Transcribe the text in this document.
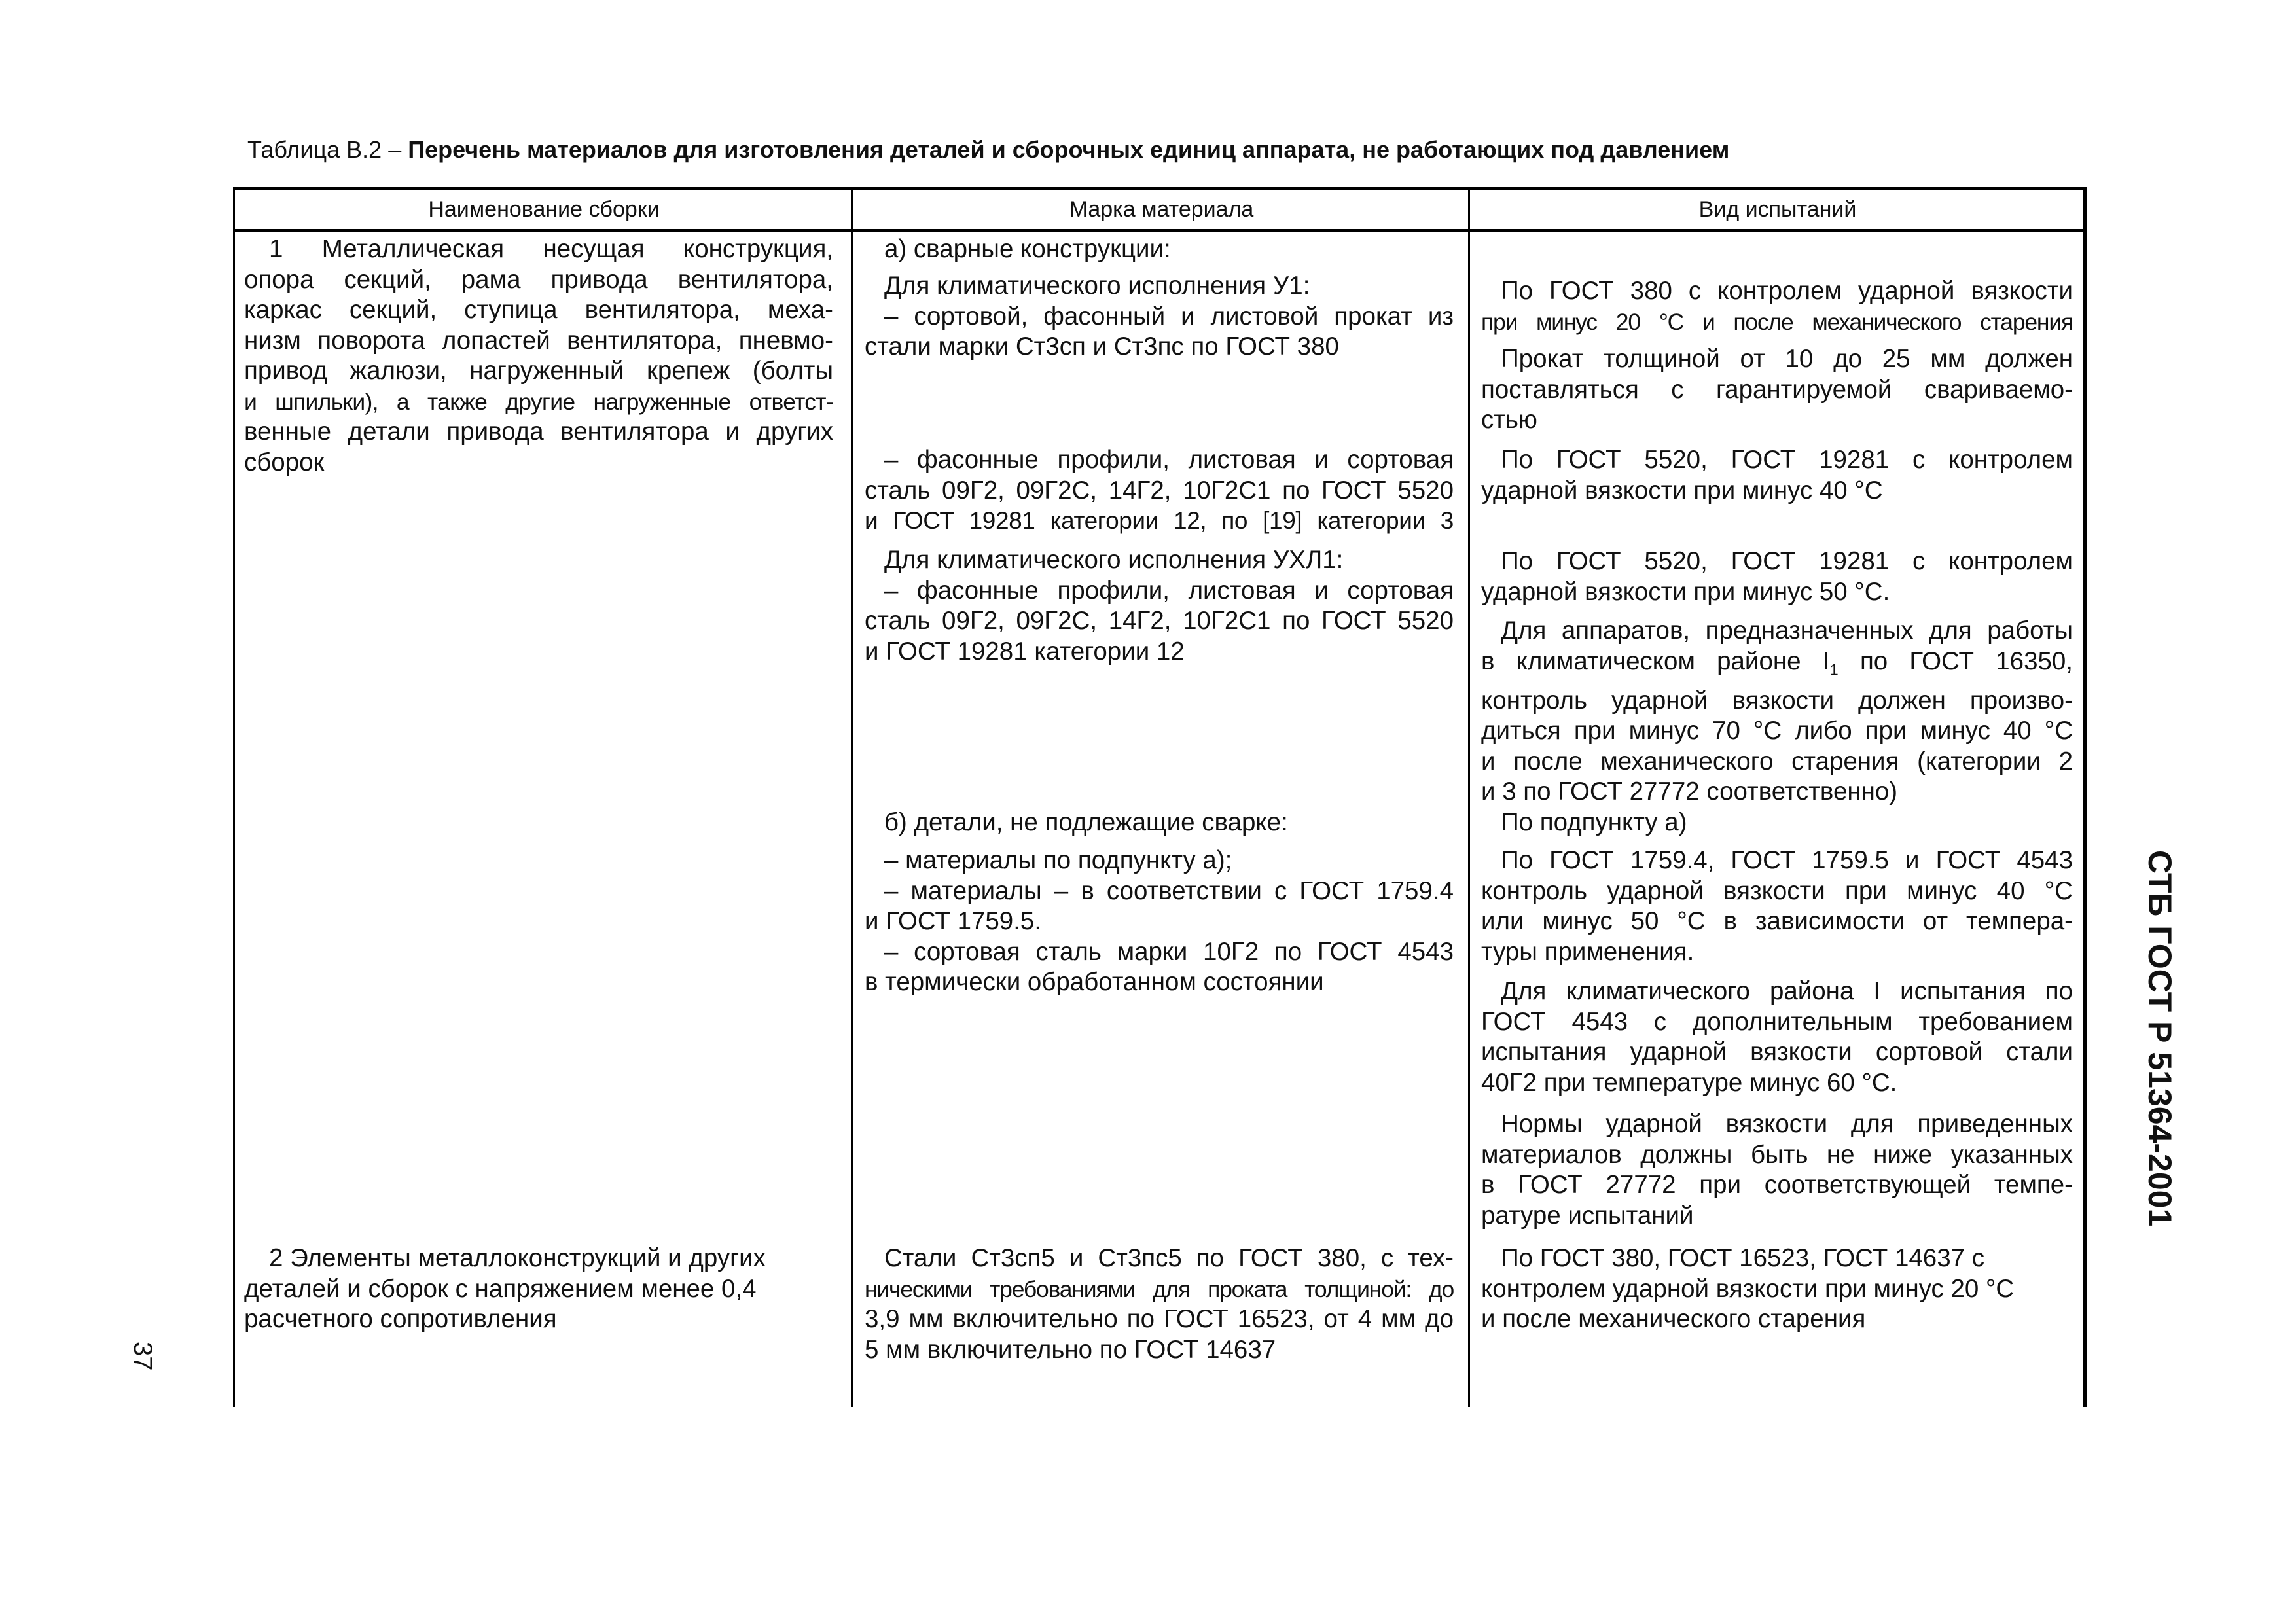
Таблица В.2 – Перечень материалов для изготовления деталей и сборочных единиц аппарата, не работающих под давлением
Наименование сборки	Марка материала	Вид испытаний

1 Металлическая несущая конструкция,

опора секций, рама привода вентилятора,

каркас секций, ступица вентилятора, меха-

низм поворота лопастей вентилятора, пневмо-

привод жалюзи, нагруженный крепеж (болты

и шпильки), а также другие нагруженные ответст-

венные детали привода вентилятора и других

сборок

2 Элементы металлоконструкций и других

деталей и сборок с напряжением менее 0,4

расчетного сопротивления

а) сварные конструкции:

Для климатического исполнения У1:

– сортовой, фасонный и листовой прокат из

стали марки Ст3сп и Ст3пс по ГОСТ 380

– фасонные профили, листовая и сортовая

сталь 09Г2, 09Г2С, 14Г2, 10Г2С1 по ГОСТ 5520

и ГОСТ 19281 категории 12, по [19] категории 3

Для климатического исполнения УХЛ1:

– фасонные профили, листовая и сортовая

сталь 09Г2, 09Г2С, 14Г2, 10Г2С1 по ГОСТ 5520

и ГОСТ 19281 категории 12

б) детали, не подлежащие сварке:

– материалы по подпункту а);

– материалы – в соответствии с ГОСТ 1759.4

и ГОСТ 1759.5.

– сортовая сталь марки 10Г2 по ГОСТ 4543

в термически обработанном состоянии

Стали Ст3сп5 и Ст3пс5 по ГОСТ 380, с тех-

ническими требованиями для проката толщиной: до

3,9 мм включительно по ГОСТ 16523, от 4 мм до

5 мм включительно по ГОСТ 14637

По ГОСТ 380 с контролем ударной вязкости

при минус 20 °С и после механического старения

Прокат толщиной от 10 до 25 мм должен

поставляться с гарантируемой свариваемо-

стью

По ГОСТ 5520, ГОСТ 19281 с контролем

ударной вязкости при минус 40 °С

По ГОСТ 5520, ГОСТ 19281 с контролем

ударной вязкости при минус 50 °С.

Для аппаратов, предназначенных для работы

в климатическом районе $I_1$ по ГОСТ 16350,

контроль ударной вязкости должен произво-

диться при минус 70 °С либо при минус 40 °С

и после механического старения (категории 2

и 3 по ГОСТ 27772 соответственно)

По подпункту а)

По ГОСТ 1759.4, ГОСТ 1759.5 и ГОСТ 4543

контроль ударной вязкости при минус 40 °С

или минус 50 °С в зависимости от темпера-

туры применения.

Для климатического района I испытания по

ГОСТ 4543 с дополнительным требованием

испытания ударной вязкости сортовой стали

40Г2 при температуре минус 60 °С.

Нормы ударной вязкости для приведенных

материалов должны быть не ниже указанных

в ГОСТ 27772 при соответствующей темпе-

ратуре испытаний

По ГОСТ 380, ГОСТ 16523, ГОСТ 14637 с

контролем ударной вязкости при минус 20 °С

и после механического старения

37
СТБ ГОСТ Р 51364-2001
